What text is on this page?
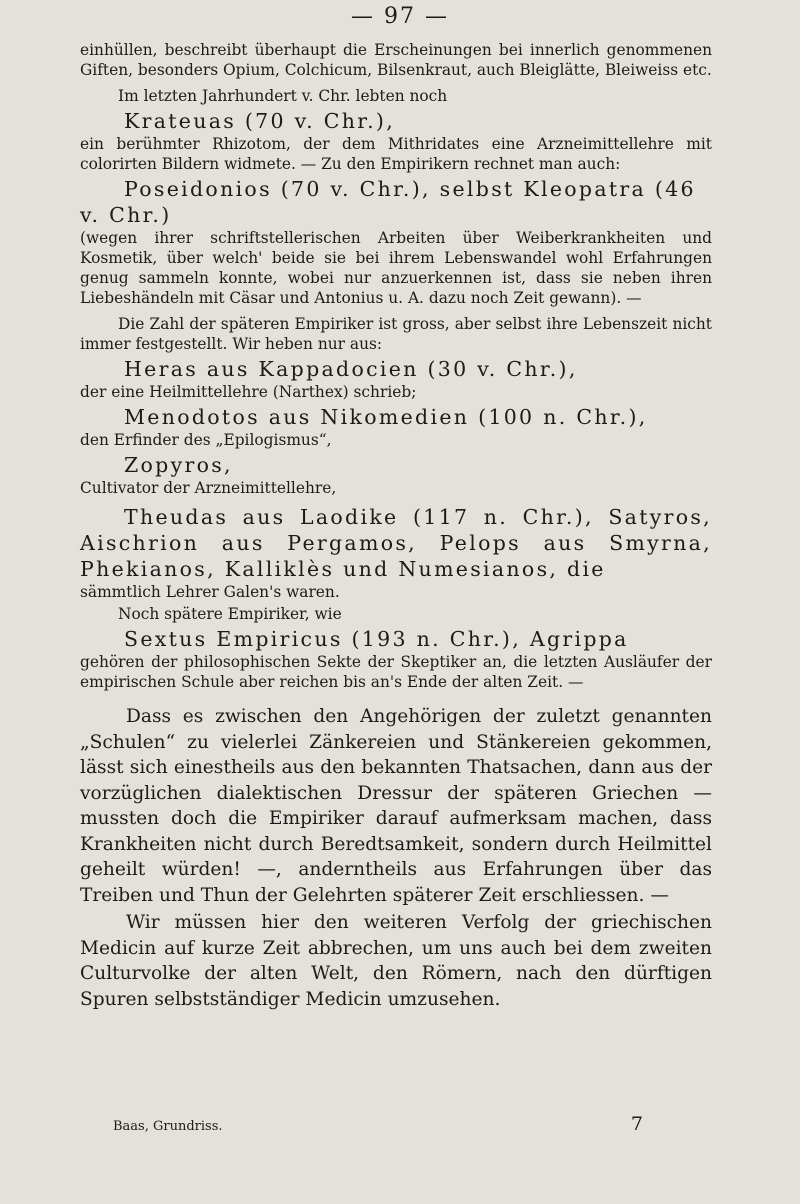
— 97 —
einhüllen, beschreibt überhaupt die Erscheinungen bei innerlich genommenen Giften, besonders Opium, Colchicum, Bilsenkraut, auch Bleiglätte, Bleiweiss etc.
Im letzten Jahrhundert v. Chr. lebten noch
Krateuas (70 v. Chr.),
ein berühmter Rhizotom, der dem Mithridates eine Arzneimittellehre mit colorirten Bildern widmete. — Zu den Empirikern rechnet man auch:
Poseidonios (70 v. Chr.), selbst Kleopatra (46 v. Chr.)
(wegen ihrer schriftstellerischen Arbeiten über Weiberkrankheiten und Kosmetik, über welch' beide sie bei ihrem Lebenswandel wohl Erfahrungen genug sammeln konnte, wobei nur anzuerkennen ist, dass sie neben ihren Liebeshändeln mit Cäsar und Antonius u. A. dazu noch Zeit gewann). —
Die Zahl der späteren Empiriker ist gross, aber selbst ihre Lebenszeit nicht immer festgestellt. Wir heben nur aus:
Heras aus Kappadocien (30 v. Chr.),
der eine Heilmittellehre (Narthex) schrieb;
Menodotos aus Nikomedien (100 n. Chr.),
den Erfinder des „Epilogismus“,
Zopyros,
Cultivator der Arzneimittellehre,
Theudas aus Laodike (117 n. Chr.), Satyros, Aischrion aus Pergamos, Pelops aus Smyrna, Phekianos, Kalliklès und Numesianos, die
sämmtlich Lehrer Galen's waren.
Noch spätere Empiriker, wie
Sextus Empiricus (193 n. Chr.), Agrippa
gehören der philosophischen Sekte der Skeptiker an, die letzten Ausläufer der empirischen Schule aber reichen bis an's Ende der alten Zeit. —
Dass es zwischen den Angehörigen der zuletzt genannten „Schulen“ zu vielerlei Zänkereien und Stänkereien gekommen, lässt sich einestheils aus den bekannten Thatsachen, dann aus der vorzüglichen dialektischen Dressur der späteren Griechen — mussten doch die Empiriker darauf aufmerksam machen, dass Krankheiten nicht durch Beredtsamkeit, sondern durch Heilmittel geheilt würden! —, anderntheils aus Erfahrungen über das Treiben und Thun der Gelehrten späterer Zeit erschliessen. —
Wir müssen hier den weiteren Verfolg der griechischen Medicin auf kurze Zeit abbrechen, um uns auch bei dem zweiten Culturvolke der alten Welt, den Römern, nach den dürftigen Spuren selbstständiger Medicin umzusehen.
Baas, Grundriss.	7
